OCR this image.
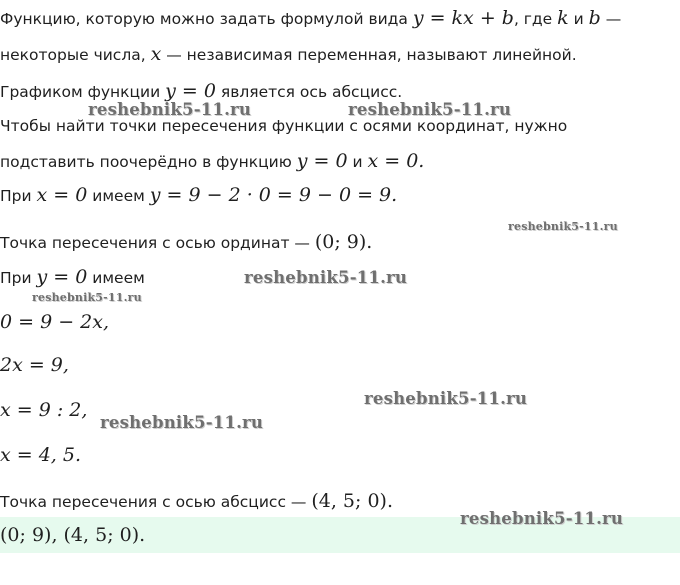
Функцию, которую можно задать формулой вида y = kx + b, где k и b —
некоторые числа, x — независимая переменная, называют линейной.
Графиком функции y = 0 является ось абсцисс.
Чтобы найти точки пересечения функции с осями координат, нужно
подставить поочерёдно в функцию y = 0 и x = 0.
При x = 0 имеем y = 9 − 2 · 0 = 9 − 0 = 9.
Точка пересечения с осью ординат — (0; 9).
При y = 0 имеем
0 = 9 − 2x,
2x = 9,
x = 9 : 2,
x = 4, 5.
Точка пересечения с осью абсцисс — (4, 5; 0).
(0; 9), (4, 5; 0).
reshebnik5-11.ru	reshebnik5-11.ru
reshebnik5-11.ru
reshebnik5-11.ru
reshebnik5-11.ru
reshebnik5-11.ru
reshebnik5-11.ru
reshebnik5-11.ru
